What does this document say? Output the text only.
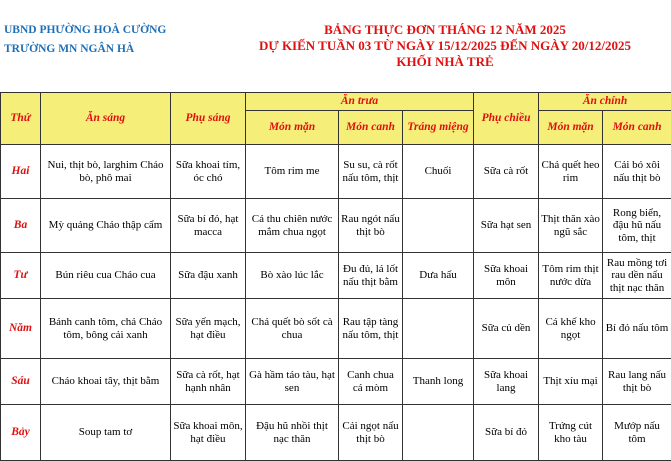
UBND PHƯỜNG HOÀ CƯỜNG
TRƯỜNG MN NGÂN HÀ
BẢNG THỰC ĐƠN THÁNG 12 NĂM 2025
DỰ KIẾN TUẦN 03 TỪ NGÀY 15/12/2025 ĐẾN NGÀY 20/12/2025
KHỐI NHÀ TRẺ
Thứ	Ăn sáng	Phụ sáng	Ăn trưa			Phụ chiều	Ăn chính	
			Món mặn	Món canh	Tráng miệng		Món mặn	Món canh
Hai	Nui, thịt bò, larghim Cháo bò, phô mai	Sữa khoai tím, óc chó	Tôm rim me	Su su, cà rốt nấu tôm, thịt	Chuối	Sữa cà rốt	Chả quết heo rim	Cải bó xôi nấu thịt bò
Ba	Mỳ quảng Cháo thập cẩm	Sữa bí đỏ, hạt macca	Cá thu chiên nước mắm chua ngọt	Rau ngót nấu thịt bò		Sữa hạt sen	Thịt thăn xào ngũ sắc	Rong biển, đậu hũ nấu tôm, thịt
Tư	Bún riêu cua Cháo cua	Sữa đậu xanh	Bò xào lúc lắc	Đu đủ, lá lốt nấu thịt bằm	Dưa hấu	Sữa khoai môn	Tôm rim thịt nước dừa	Rau mồng tơi rau dền nấu thịt nạc thăn
Năm	Bánh canh tôm, chả Cháo tôm, bông cải xanh	Sữa yến mạch, hạt điều	Chả quết bò sốt cà chua	Rau tập tàng nấu tôm, thịt		Sữa củ dền	Cá khế kho ngọt	Bí đỏ nấu tôm
Sáu	Cháo khoai tây, thịt bằm	Sữa cà rốt, hạt hạnh nhân	Gà hầm táo tàu, hạt sen	Canh chua cá mòm	Thanh long	Sữa khoai lang	Thịt xíu mại	Rau lang nấu thịt bò
Bảy	Soup tam tơ	Sữa khoai môn, hạt điều	Đậu hũ nhồi thịt nạc thăn	Cải ngọt nấu thịt bò		Sữa bí đỏ	Trứng cút kho tàu	Mướp nấu tôm
